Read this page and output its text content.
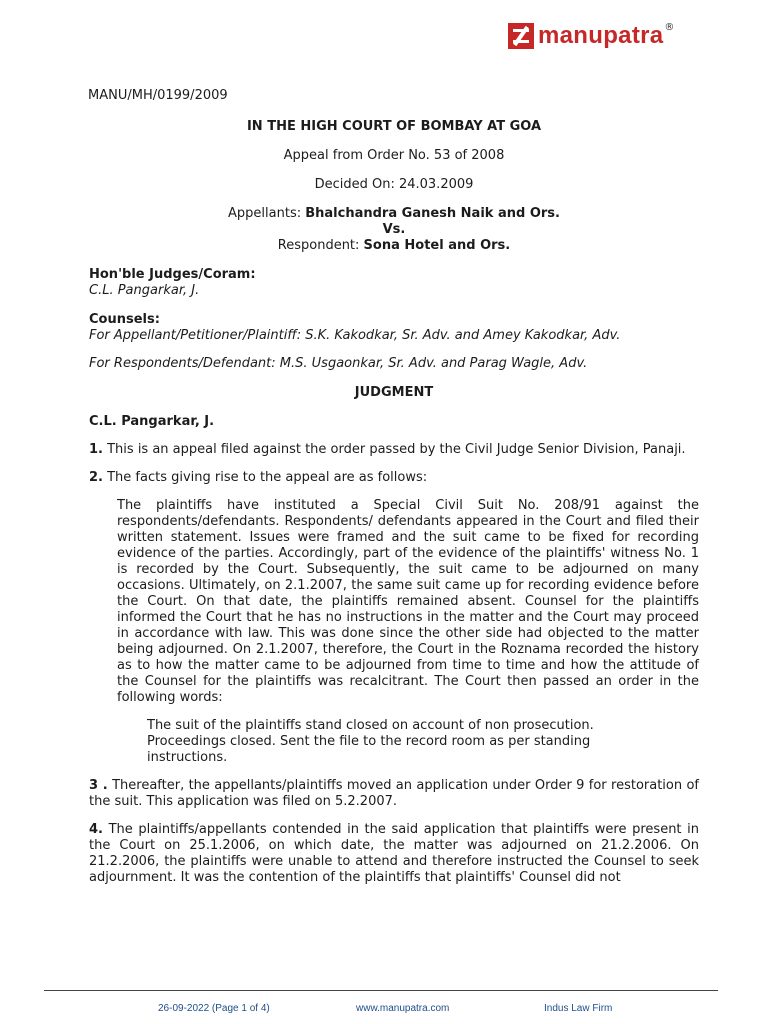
manupatra ®

MANU/MH/0199/2009

IN THE HIGH COURT OF BOMBAY AT GOA

Appeal from Order No. 53 of 2008

Decided On: 24.03.2009

Appellants: Bhalchandra Ganesh Naik and Ors.

Vs.

Respondent: Sona Hotel and Ors.

Hon'ble Judges/Coram:

C.L. Pangarkar, J.

Counsels:

For Appellant/Petitioner/Plaintiff: S.K. Kakodkar, Sr. Adv. and Amey Kakodkar, Adv.

For Respondents/Defendant: M.S. Usgaonkar, Sr. Adv. and Parag Wagle, Adv.

JUDGMENT

C.L. Pangarkar, J.

1. This is an appeal filed against the order passed by the Civil Judge Senior Division, Panaji.

2. The facts giving rise to the appeal are as follows:

The plaintiffs have instituted a Special Civil Suit No. 208/91 against the respondents/defendants. Respondents/ defendants appeared in the Court and filed their written statement. Issues were framed and the suit came to be fixed for recording evidence of the parties. Accordingly, part of the evidence of the plaintiffs' witness No. 1 is recorded by the Court. Subsequently, the suit came to be adjourned on many occasions. Ultimately, on 2.1.2007, the same suit came up for recording evidence before the Court. On that date, the plaintiffs remained absent. Counsel for the plaintiffs informed the Court that he has no instructions in the matter and the Court may proceed in accordance with law. This was done since the other side had objected to the matter being adjourned. On 2.1.2007, therefore, the Court in the Roznama recorded the history as to how the matter came to be adjourned from time to time and how the attitude of the Counsel for the plaintiffs was recalcitrant. The Court then passed an order in the following words:

The suit of the plaintiffs stand closed on account of non prosecution. Proceedings closed. Sent the file to the record room as per standing instructions.

3 . Thereafter, the appellants/plaintiffs moved an application under Order 9 for restoration of the suit. This application was filed on 5.2.2007.

4. The plaintiffs/appellants contended in the said application that plaintiffs were present in the Court on 25.1.2006, on which date, the matter was adjourned on 21.2.2006. On 21.2.2006, the plaintiffs were unable to attend and therefore instructed the Counsel to seek adjournment. It was the contention of the plaintiffs that plaintiffs' Counsel did not

26-09-2022 (Page 1 of 4)	www.manupatra.com	Indus Law Firm
